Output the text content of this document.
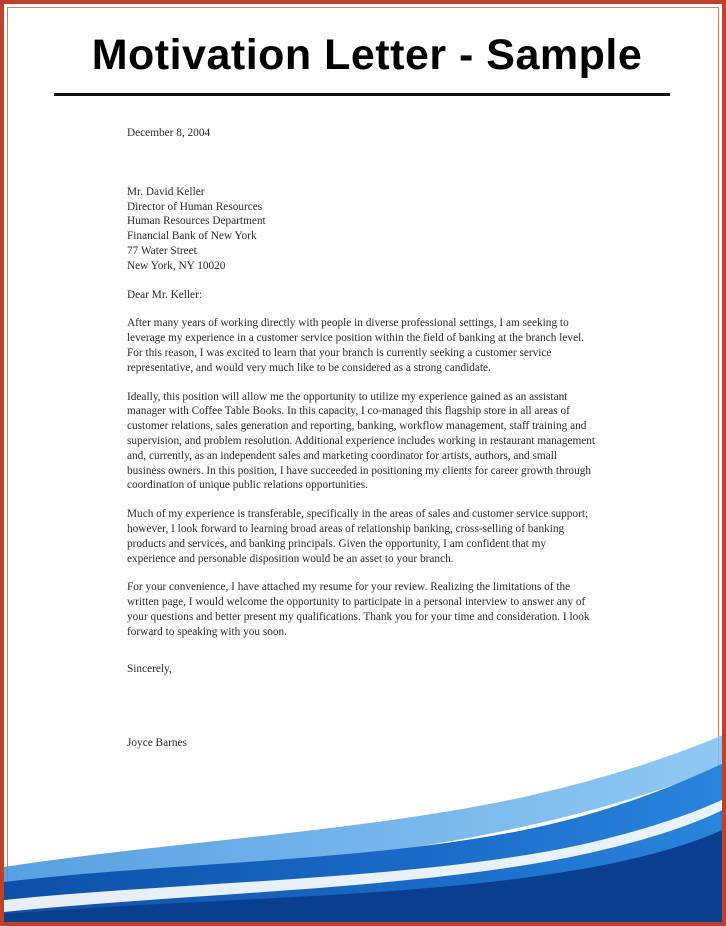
Motivation Letter - Sample

December 8, 2004

Mr. David Keller
Director of Human Resources
Human Resources Department
Financial Bank of New York
77 Water Street
New York, NY 10020

Dear Mr. Keller:

After many years of working directly with people in diverse professional settings, I am seeking to leverage my experience in a customer service position within the field of banking at the branch level. For this reason, I was excited to learn that your branch is currently seeking a customer service representative, and would very much like to be considered as a strong candidate.

Ideally, this position will allow me the opportunity to utilize my experience gained as an assistant manager with Coffee Table Books. In this capacity, I co-managed this flagship store in all areas of customer relations, sales generation and reporting, banking, workflow management, staff training and supervision, and problem resolution. Additional experience includes working in restaurant management and, currently, as an independent sales and marketing coordinator for artists, authors, and small business owners. In this position, I have succeeded in positioning my clients for career growth through coordination of unique public relations opportunities.

Much of my experience is transferable, specifically in the areas of sales and customer service support; however, I look forward to learning broad areas of relationship banking, cross-selling of banking products and services, and banking principals. Given the opportunity, I am confident that my experience and personable disposition would be an asset to your branch.

For your convenience, I have attached my resume for your review. Realizing the limitations of the written page, I would welcome the opportunity to participate in a personal interview to answer any of your questions and better present my qualifications. Thank you for your time and consideration. I look forward to speaking with you soon.

Sincerely,

Joyce Barnes
